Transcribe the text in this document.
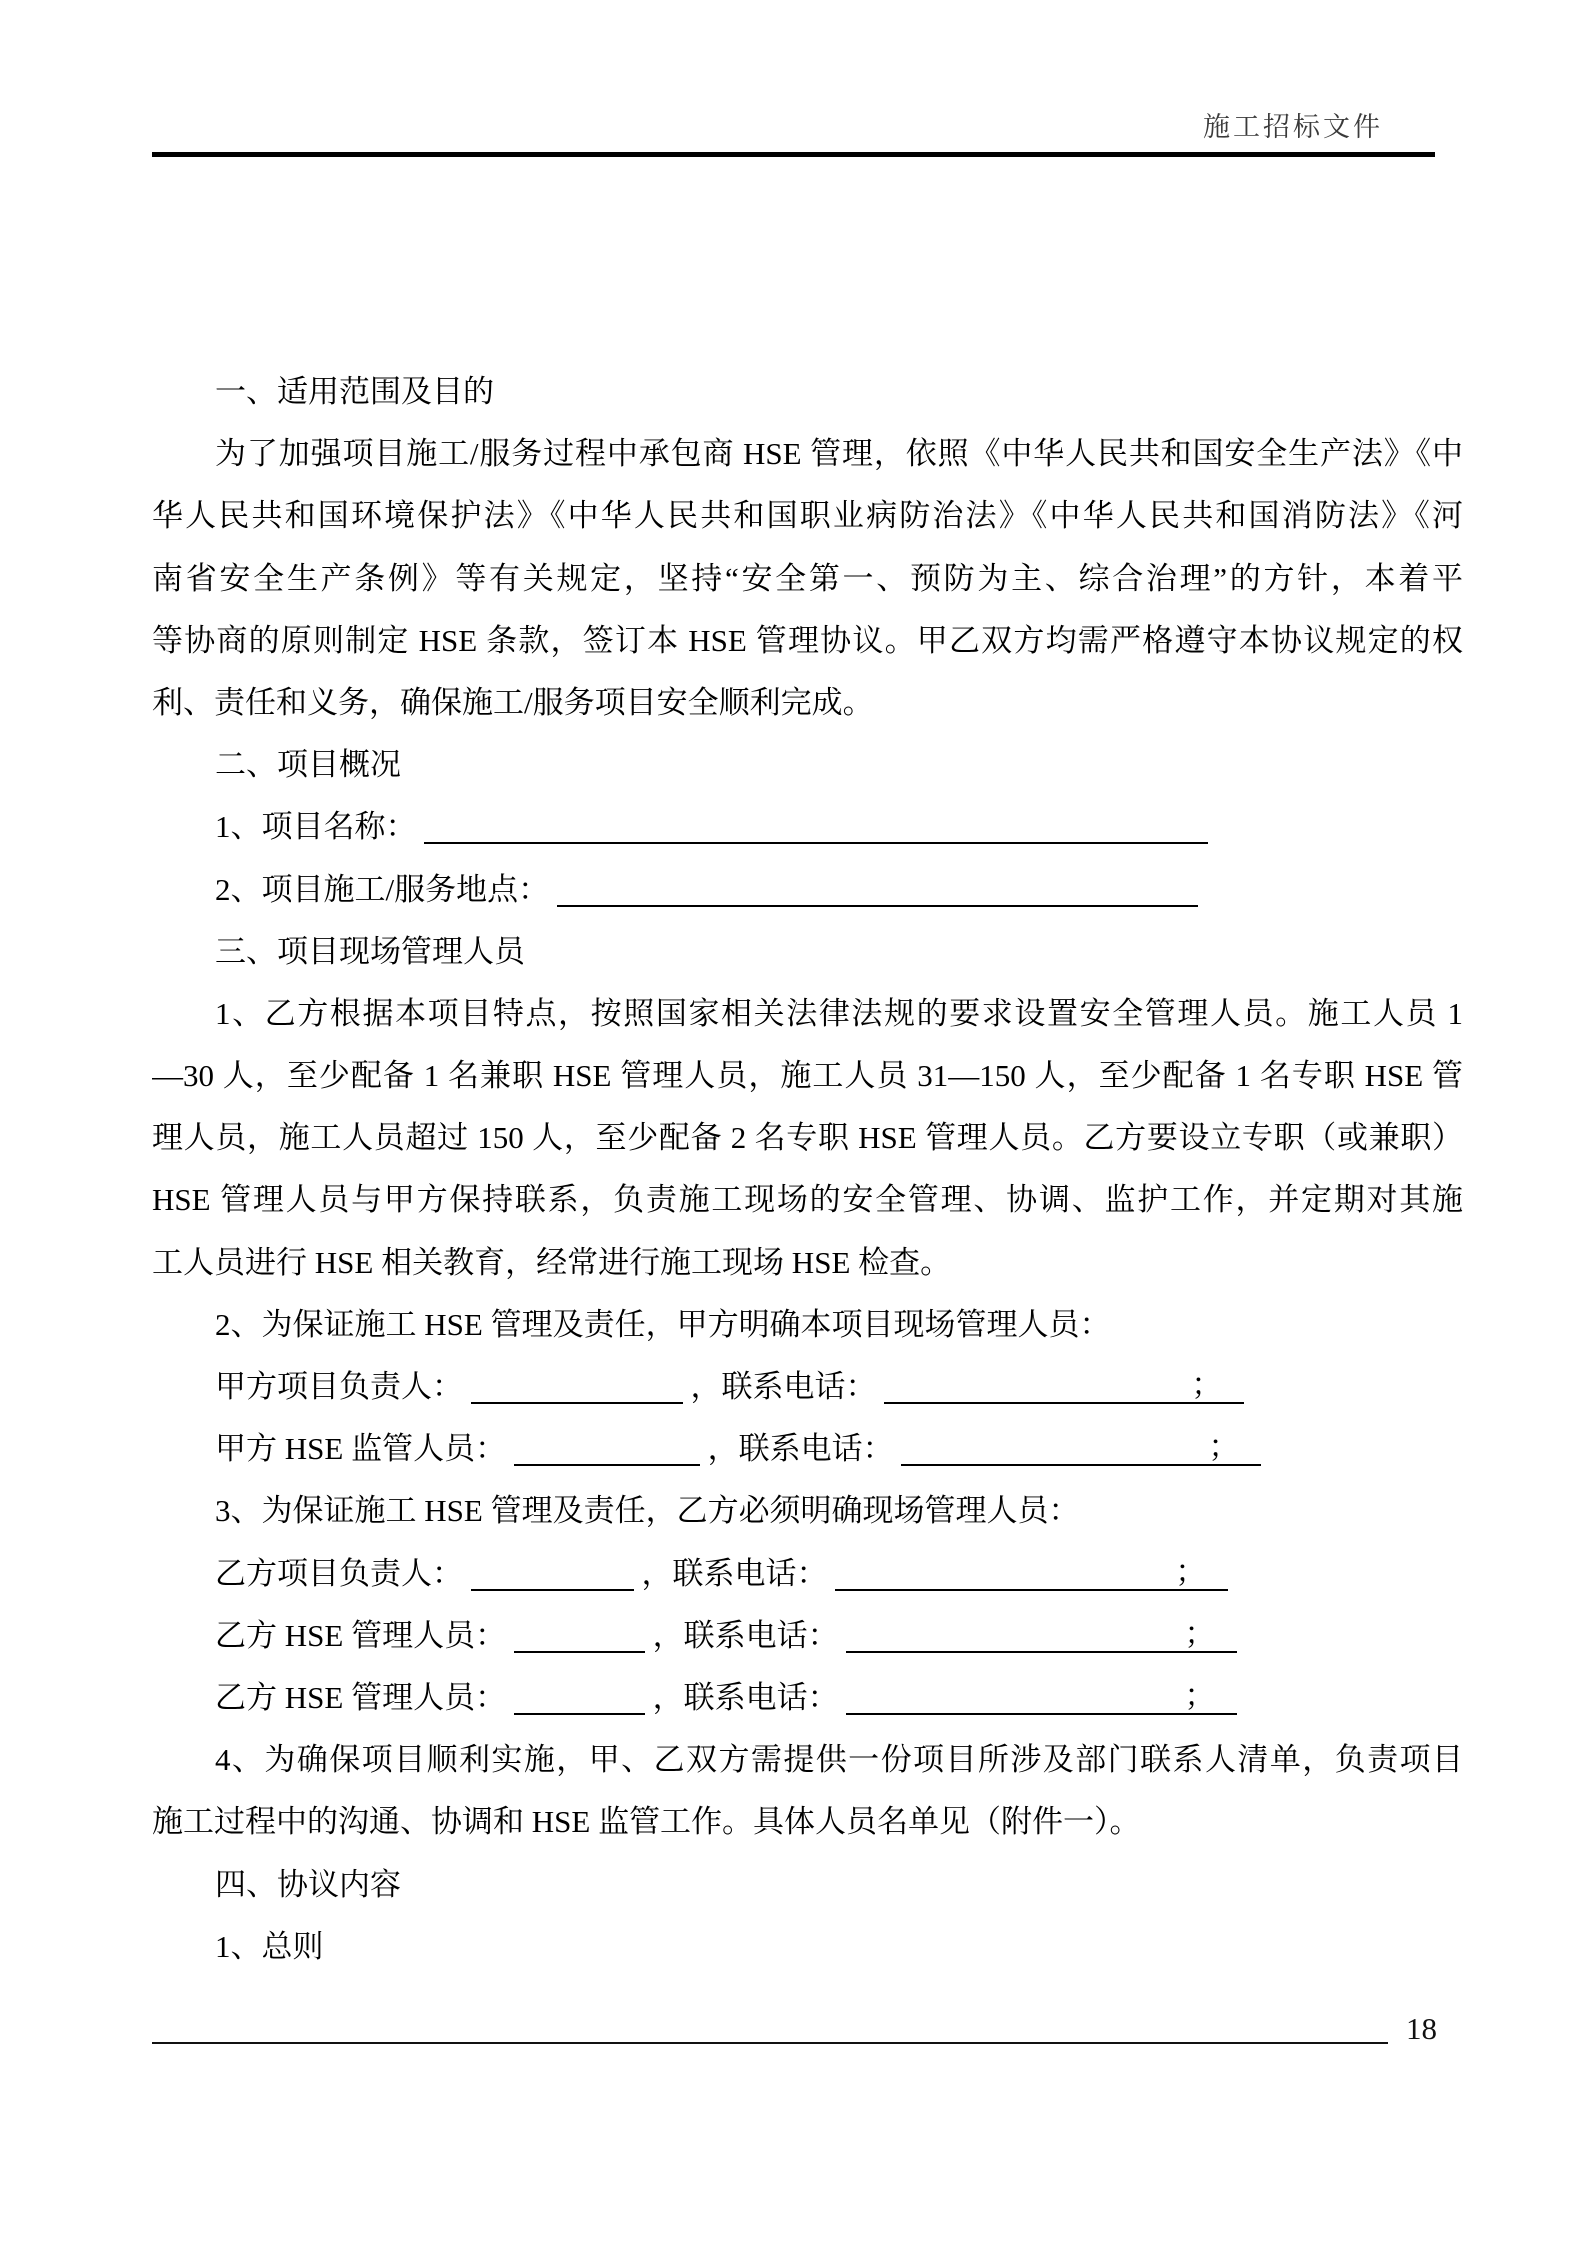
施工招标文件
一、适用范围及目的
为了加强项目施工/服务过程中承包商 HSE 管理，依照《中华人民共和国安全生产法》《中
华人民共和国环境保护法》《中华人民共和国职业病防治法》《中华人民共和国消防法》《河
南省安全生产条例》等有关规定，坚持“安全第一、预防为主、综合治理”的方针，本着平
等协商的原则制定 HSE 条款，签订本 HSE 管理协议。甲乙双方均需严格遵守本协议规定的权
利、责任和义务，确保施工/服务项目安全顺利完成。
二、项目概况
1、项目名称：
2、项目施工/服务地点：
三、项目现场管理人员
1、乙方根据本项目特点，按照国家相关法律法规的要求设置安全管理人员。施工人员 1
—30 人，至少配备 1 名兼职 HSE 管理人员，施工人员 31—150 人，至少配备 1 名专职 HSE 管
理人员，施工人员超过 150 人，至少配备 2 名专职 HSE 管理人员。乙方要设立专职（或兼职）
HSE 管理人员与甲方保持联系，负责施工现场的安全管理、协调、监护工作，并定期对其施
工人员进行 HSE 相关教育，经常进行施工现场 HSE 检查。
2、为保证施工 HSE 管理及责任，甲方明确本项目现场管理人员：
甲方项目负责人：	，联系电话：	；
甲方 HSE 监管人员：	，联系电话：	；
3、为保证施工 HSE 管理及责任，乙方必须明确现场管理人员：
乙方项目负责人：	，联系电话：	；
乙方 HSE 管理人员：	，联系电话：	；
乙方 HSE 管理人员：	，联系电话：	；
4、为确保项目顺利实施，甲、乙双方需提供一份项目所涉及部门联系人清单，负责项目
施工过程中的沟通、协调和 HSE 监管工作。具体人员名单见（附件一）。
四、协议内容
1、总则
18
